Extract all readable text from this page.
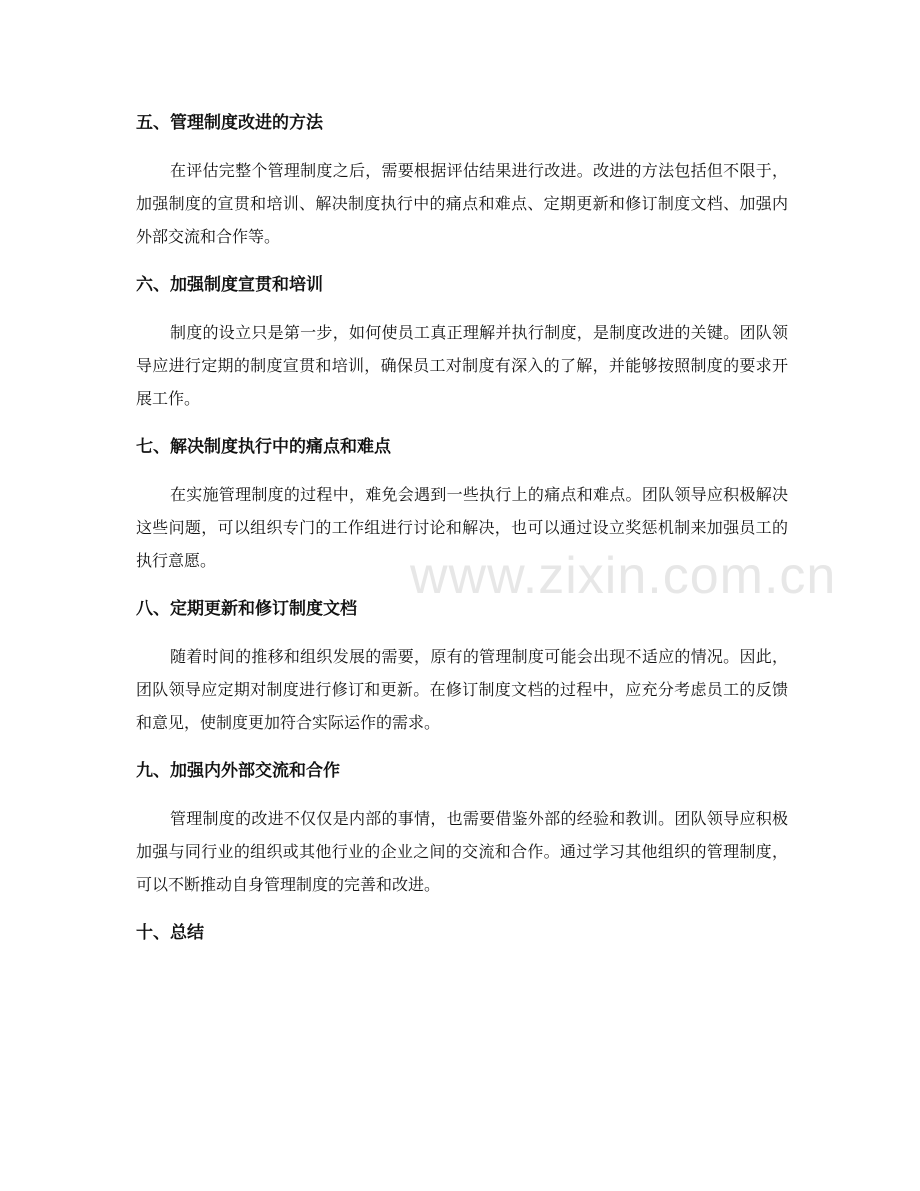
五、管理制度改进的方法

在评估完整个管理制度之后，需要根据评估结果进行改进。改进的方法包括但不限于，加强制度的宣贯和培训、解决制度执行中的痛点和难点、定期更新和修订制度文档、加强内外部交流和合作等。

六、加强制度宣贯和培训

制度的设立只是第一步，如何使员工真正理解并执行制度，是制度改进的关键。团队领导应进行定期的制度宣贯和培训，确保员工对制度有深入的了解，并能够按照制度的要求开展工作。

七、解决制度执行中的痛点和难点

在实施管理制度的过程中，难免会遇到一些执行上的痛点和难点。团队领导应积极解决这些问题，可以组织专门的工作组进行讨论和解决，也可以通过设立奖惩机制来加强员工的执行意愿。

八、定期更新和修订制度文档

随着时间的推移和组织发展的需要，原有的管理制度可能会出现不适应的情况。因此，团队领导应定期对制度进行修订和更新。在修订制度文档的过程中，应充分考虑员工的反馈和意见，使制度更加符合实际运作的需求。

九、加强内外部交流和合作

管理制度的改进不仅仅是内部的事情，也需要借鉴外部的经验和教训。团队领导应积极加强与同行业的组织或其他行业的企业之间的交流和合作。通过学习其他组织的管理制度，可以不断推动自身管理制度的完善和改进。

十、总结
www.zixin.com.cn
